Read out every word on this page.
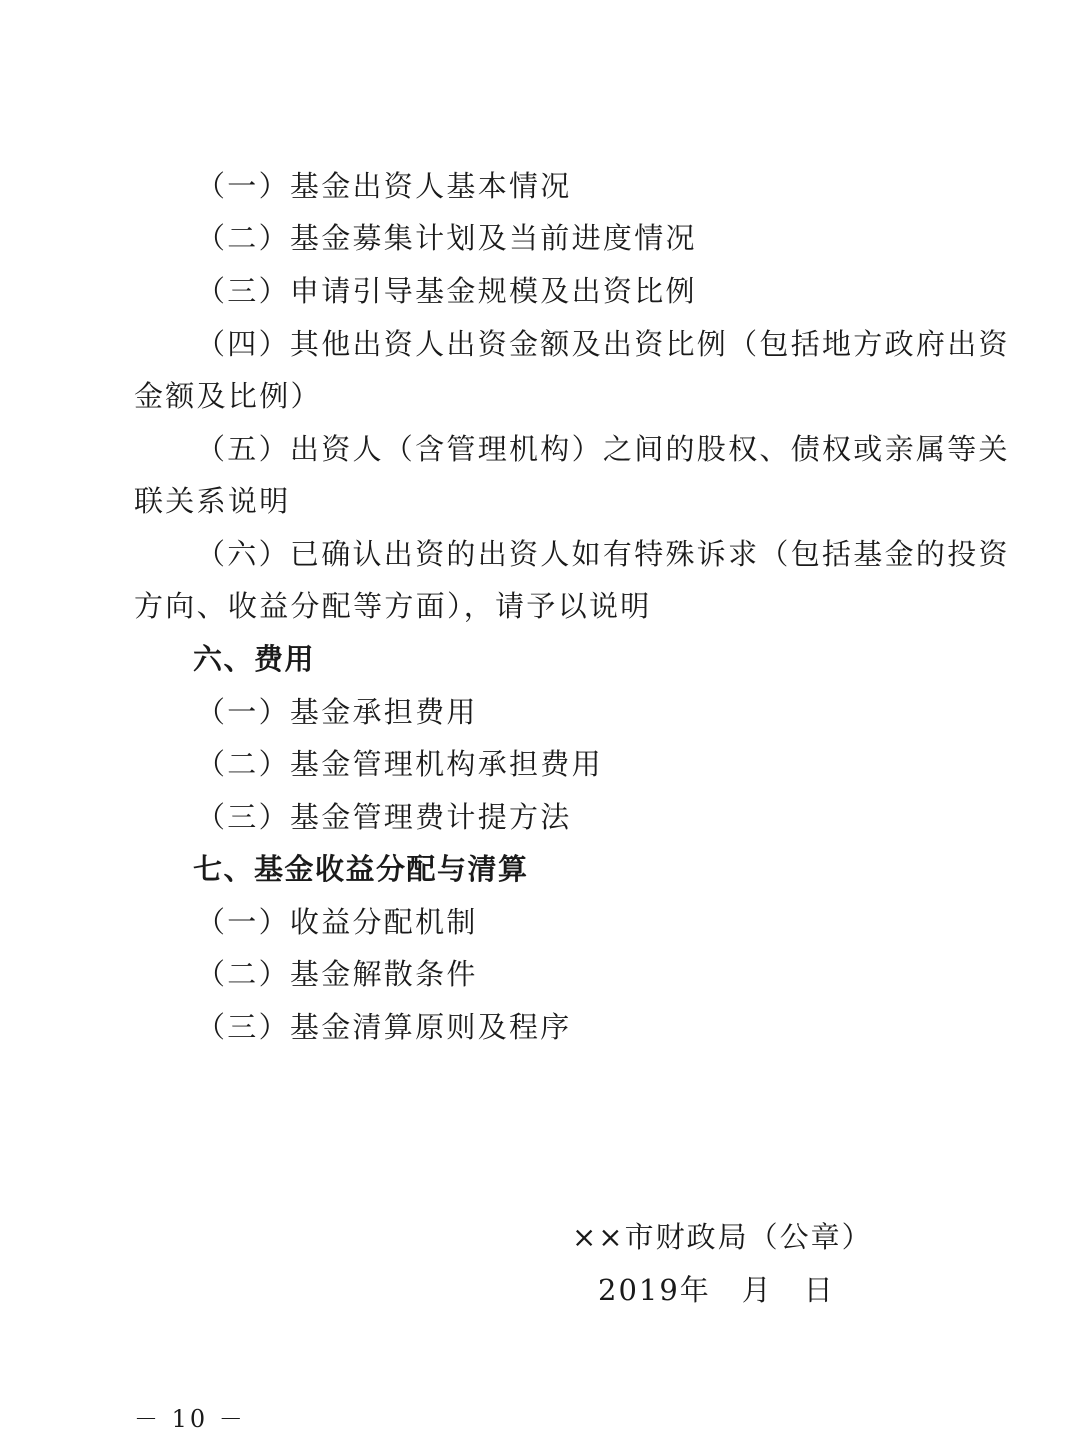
（一）基金出资人基本情况
（二）基金募集计划及当前进度情况
（三）申请引导基金规模及出资比例
（四）其他出资人出资金额及出资比例（包括地方政府出资
金额及比例）
（五）出资人（含管理机构）之间的股权、债权或亲属等关
联关系说明
（六）已确认出资的出资人如有特殊诉求（包括基金的投资
方向、收益分配等方面），请予以说明
六、费用
（一）基金承担费用
（二）基金管理机构承担费用
（三）基金管理费计提方法
七、基金收益分配与清算
（一）收益分配机制
（二）基金解散条件
（三）基金清算原则及程序
××市财政局（公章）
2019年　月　日
－ 10 －
